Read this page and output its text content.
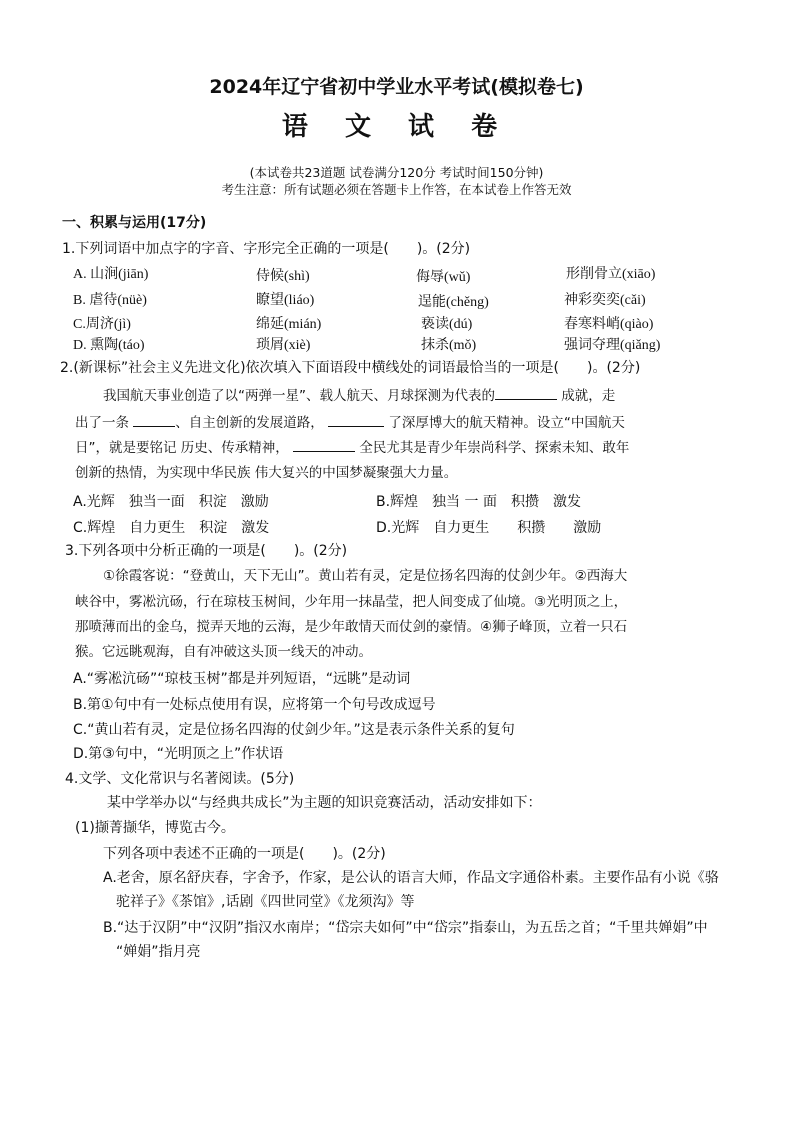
2024年辽宁省初中学业水平考试(模拟卷七)
语 文 试 卷
(本试卷共23道题 试卷满分120分 考试时间150分钟)
考生注意：所有试题必须在答题卡上作答，在本试卷上作答无效
一、积累与运用(17分)
1.下列词语中加点字的字音、字形完全正确的一项是(　　)。(2分)
A. 山涧(jiān)	侍候(shì)	侮辱(wǔ)	形削骨立(xiāo)
B. 虐待(nüè)	瞭望(liáo)	逞能(chěng)	神彩奕奕(cǎi)
C.周济(jì)	绵延(mián)	亵读(dú)	春寒料峭(qiào)
D. 熏陶(táo)	琐屑(xiè)	抹杀(mǒ)	强词夺理(qiǎng)
2.(新课标”社会主义先进文化)依次填入下面语段中横线处的词语最恰当的一项是(　　)。(2分)
我国航天事业创造了以“两弹一星”、载人航天、月球探测为代表的	成就，走
出了一条	、自主创新的发展道路，	了深厚博大的航天精神。设立“中国航天
日”，就是要铭记 历史、传承精神，	全民尤其是青少年崇尚科学、探索未知、敢年
创新的热情，为实现中华民族 伟大复兴的中国梦凝聚强大力量。
A.光辉　独当一面　积淀　激励	B.辉煌　独当 一 面　积攒　激发
C.辉煌　自力更生　积淀　激发	D.光辉　自力更生　　积攒　　激励
3.下列各项中分析正确的一项是(　　)。(2分)
①徐霞客说：“登黄山，天下无山”。黄山若有灵，定是位扬名四海的仗剑少年。②西海大
峡谷中，雾凇沆砀，行在琼枝玉树间，少年用一抹晶莹，把人间变成了仙境。③光明顶之上，
那喷薄而出的金乌，搅弄天地的云海，是少年敢情天而仗剑的豪情。④狮子峰顶，立着一只石
猴。它远眺观海，自有冲破这头顶一线天的冲动。
A.“雾凇沆砀”“琼枝玉树”都是并列短语，“远眺”是动词
B.第①句中有一处标点使用有误，应将第一个句号改成逗号
C.“黄山若有灵，定是位扬名四海的仗剑少年。”这是表示条件关系的复句
D.第③句中，“光明顶之上”作状语
4.文学、文化常识与名著阅读。(5分)
某中学举办以“与经典共成长”为主题的知识竞赛活动，活动安排如下：
(1)撷菁撷华，博览古今。
下列各项中表述不正确的一项是(　　)。(2分)
A.老舍，原名舒庆春，字舍予，作家，是公认的语言大师，作品文字通俗朴素。主要作品有小说《骆
驼祥子》《茶馆》,话剧《四世同堂》《龙须沟》等
B.“达于汉阴”中“汉阴”指汉水南岸；“岱宗夫如何”中“岱宗”指泰山，为五岳之首；“千里共婵娟”中
“婵娟”指月亮
